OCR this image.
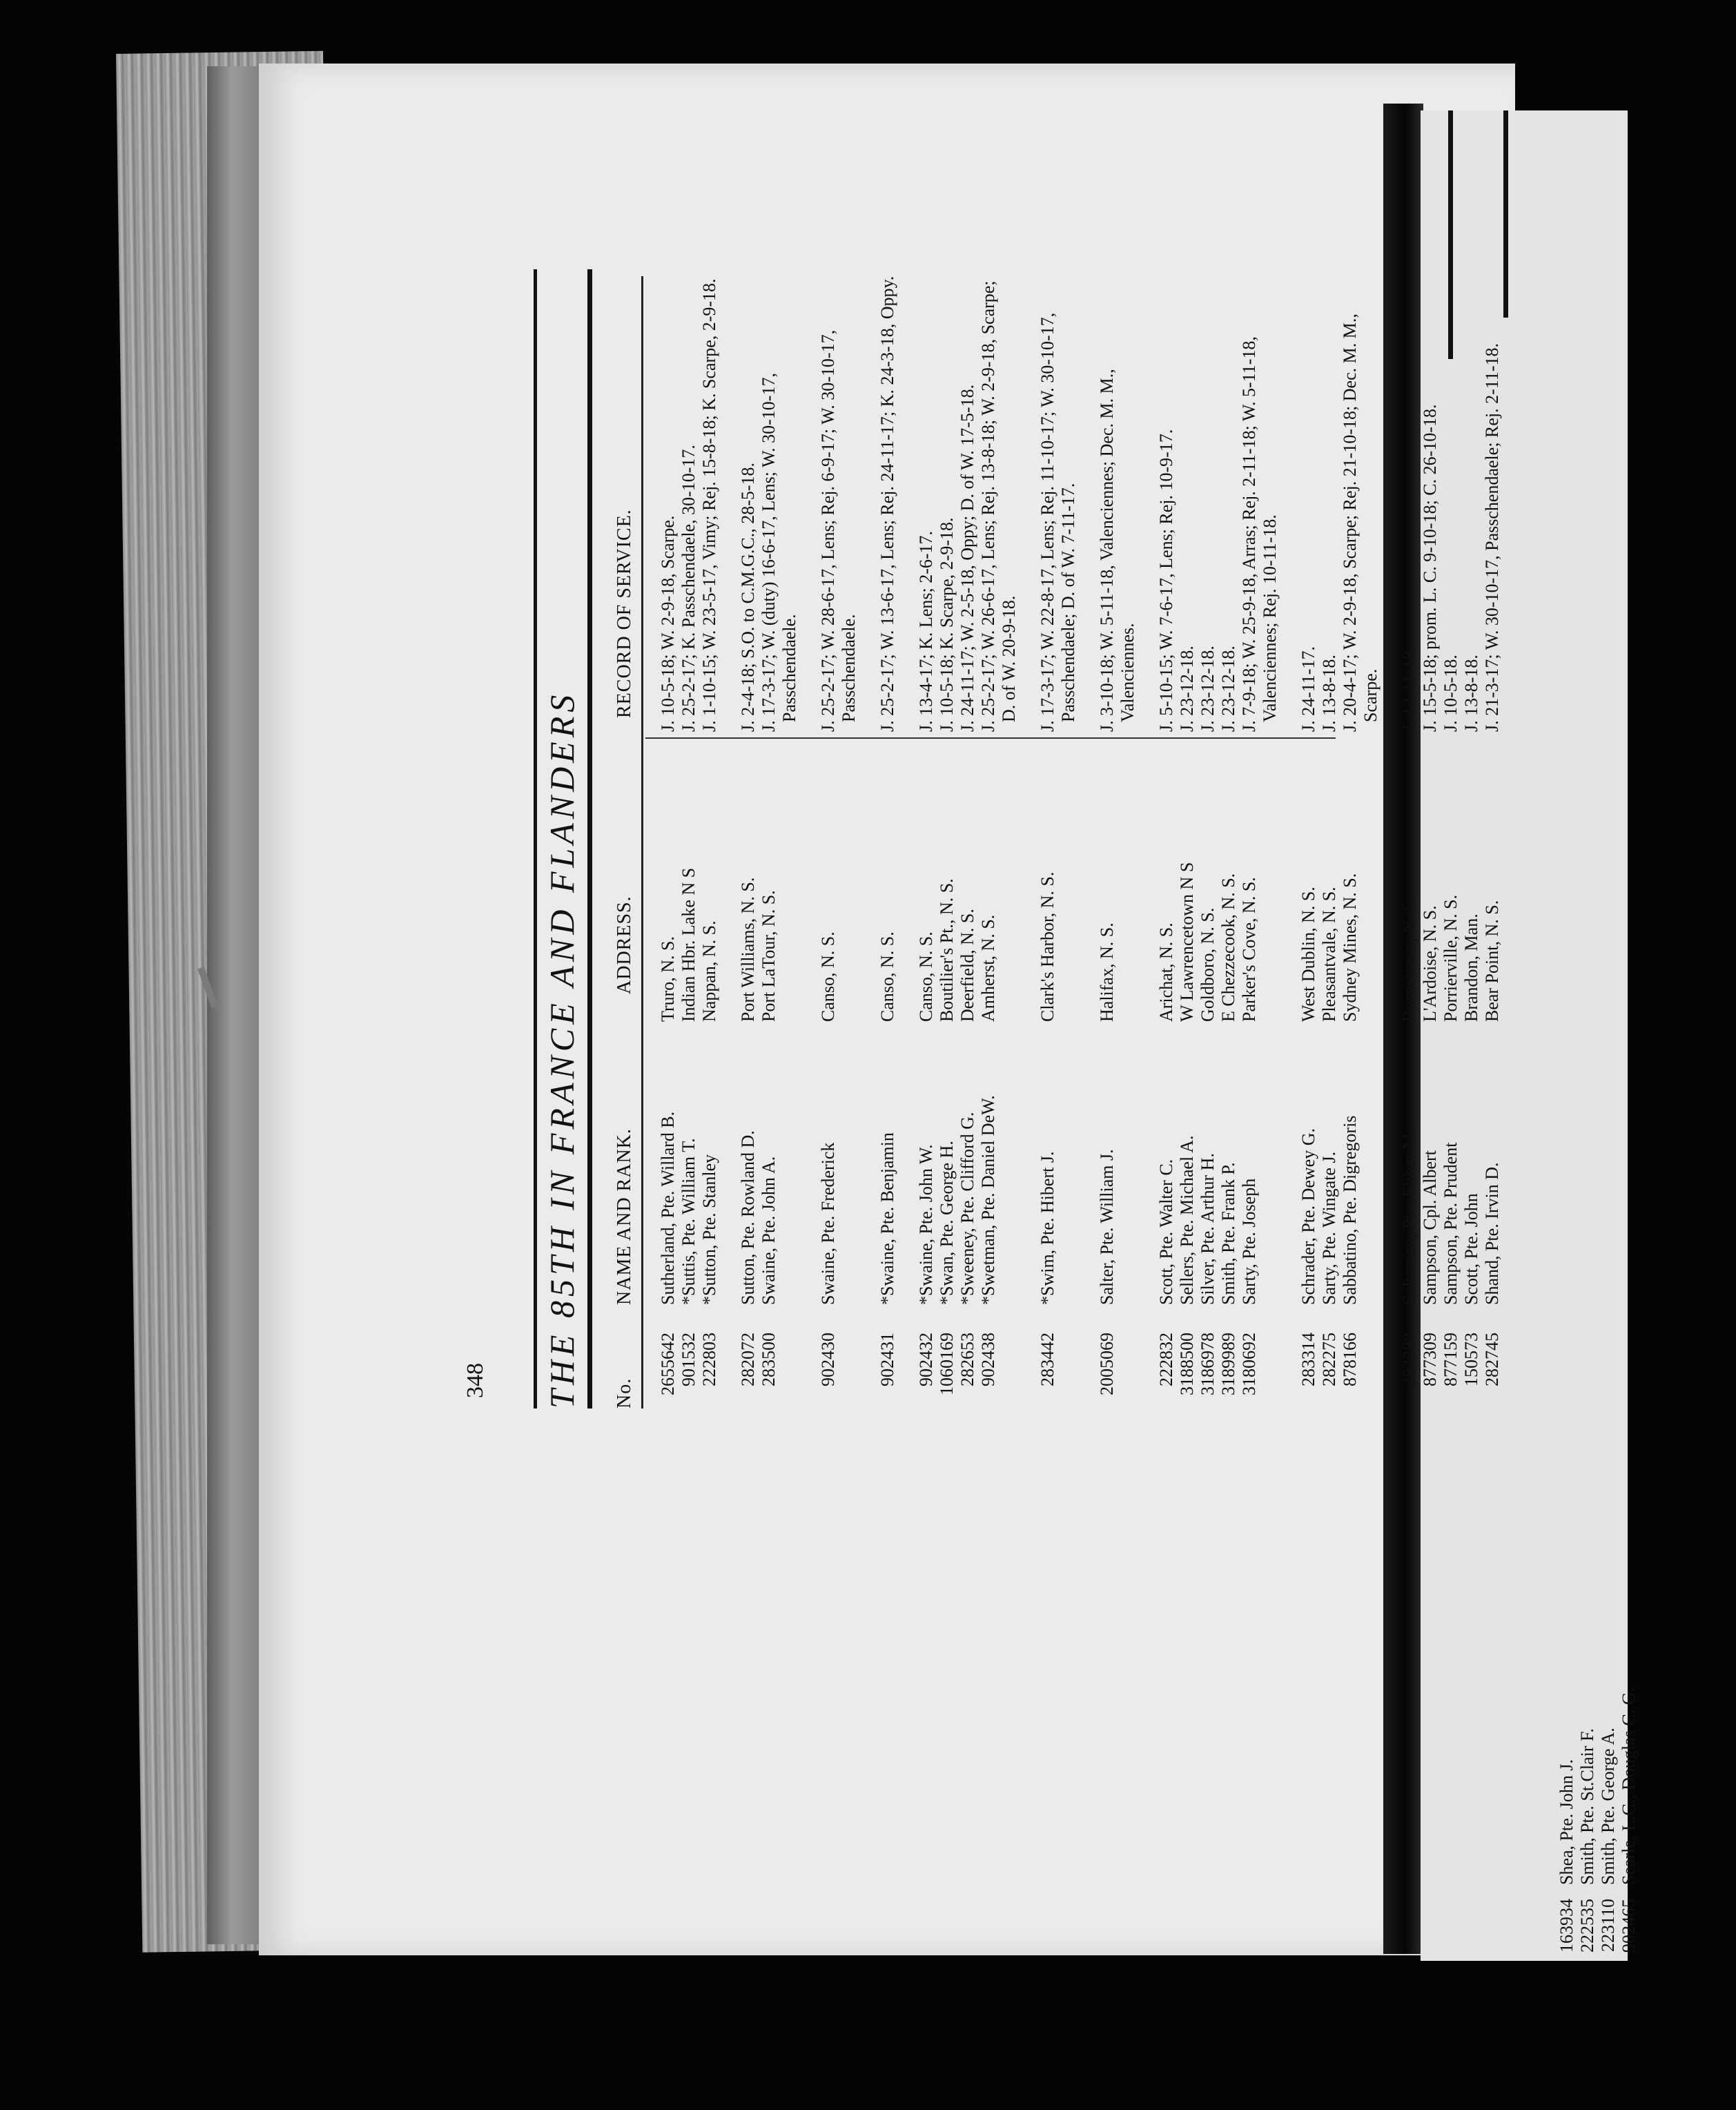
THE 85TH IN FRANCE AND FLANDERS No.
NAME AND RANK.
ADDRESS.
RECORD OF SERVICE.
2655642
Sutherland, Pte. Willard B.
Truro, N. S.
J. 10-5-18; W. 2-9-18, Scarpe.
901532
*Suttis, Pte. William T.
Indian Hbr. Lake N S
J. 25-2-17; K. Passchendaele, 30-10-17.
222803
*Sutton, Pte. Stanley
Nappan, N. S.
J. 1-10-15; W. 23-5-17, Vimy; Rej. 15-8-18; K. Scarpe, 2-9-18.
282072
Sutton, Pte. Rowland D.
Port Williams, N. S.
J. 2-4-18; S.O. to C.M.G.C., 28-5-18.
283500
Swaine, Pte. John A.
Port LaTour, N. S.
J. 17-3-17; W. (duty) 16-6-17, Lens; W. 30-10-17, Passchendaele.
902430
Swaine, Pte. Frederick
Canso, N. S.
J. 25-2-17; W. 28-6-17, Lens; Rej. 6-9-17; W. 30-10-17, Passchendaele.
902431
*Swaine, Pte. Benjamin
Canso, N. S.
J. 25-2-17; W. 13-6-17, Lens; Rej. 24-11-17; K. 24-3-18, Oppy.
902432
*Swaine, Pte. John W.
Canso, N. S.
J. 13-4-17; K. Lens; 2-6-17.
1060169
*Swan, Pte. George H.
Boutilier's Pt., N. S.
J. 10-5-18; K. Scarpe, 2-9-18.
282653
*Sweeney, Pte. Clifford G.
Deerfield, N. S.
J. 24-11-17; W. 2-5-18, Oppy; D. of W. 17-5-18.
902438
*Swetman, Pte. Daniel DeW.
Amherst, N. S.
J. 25-2-17; W. 26-6-17, Lens; Rej. 13-8-18; W. 2-9-18, Scarpe; D. of W. 20-9-18.
283442
*Swim, Pte. Hibert J.
Clark's Harbor, N. S.
J. 17-3-17; W. 22-8-17, Lens; Rej. 11-10-17; W. 30-10-17, Passchendaele; D. of W. 7-11-17.
2005069
Salter, Pte. William J.
Halifax, N. S.
J. 3-10-18; W. 5-11-18, Valenciennes; Dec. M. M., Valenciennes.
222832
Scott, Pte. Walter C.
Arichat, N. S.
J. 5-10-15; W. 7-6-17, Lens; Rej. 10-9-17.
3188500
Sellers, Pte. Michael A.
W Lawrencetown N S
J. 23-12-18.
3186978
Silver, Pte. Arthur H.
Goldboro, N. S.
J. 23-12-18.
3189989
Smith, Pte. Frank P.
E Chezzecook, N. S.
J. 23-12-18.
3180692
Sarty, Pte. Joseph
Parker's Cove, N. S.
J. 7-9-18; W. 25-9-18, Arras; Rej. 2-11-18; W. 5-11-18, Valenciennes; Rej. 10-11-18.
283314
Schrader, Pte. Dewey G.
West Dublin, N. S.
J. 24-11-17.
282275
Sarty, Pte. Wingate J.
Pleasantvale, N. S.
J. 13-8-18.
878166
Sabbatino, Pte. Digregoris
Sydney Mines, N. S.
J. 20-4-17; W. 2-9-18, Scarpe; Rej. 21-10-18; Dec. M. M., Scarpe.
283288
Saltzman, Pte. Eliher M.
Burnetown, N. S.
J. 13-11-18.
877309
Sampson, Cpl. Albert
L'Ardoise, N. S.
J. 15-5-18; prom. L. C. 9-10-18; C. 26-10-18.
877159
Sampson, Pte. Prudent
Porrierville, N. S.
J. 10-5-18.
150573
Scott, Pte. John
Brandon, Man.
J. 13-8-18.
282745
Shand, Pte. Irvin D.
Bear Point, N. S.
J. 21-3-17; W. 30-10-17, Passchendaele; Rej. 2-11-18.
348
163934
Shea, Pte. John J.
222535
Smith, Pte. St.Clair F.
223110
Smith, Pte. George A.
902465
Searle, L.C., Douglas C. G.
